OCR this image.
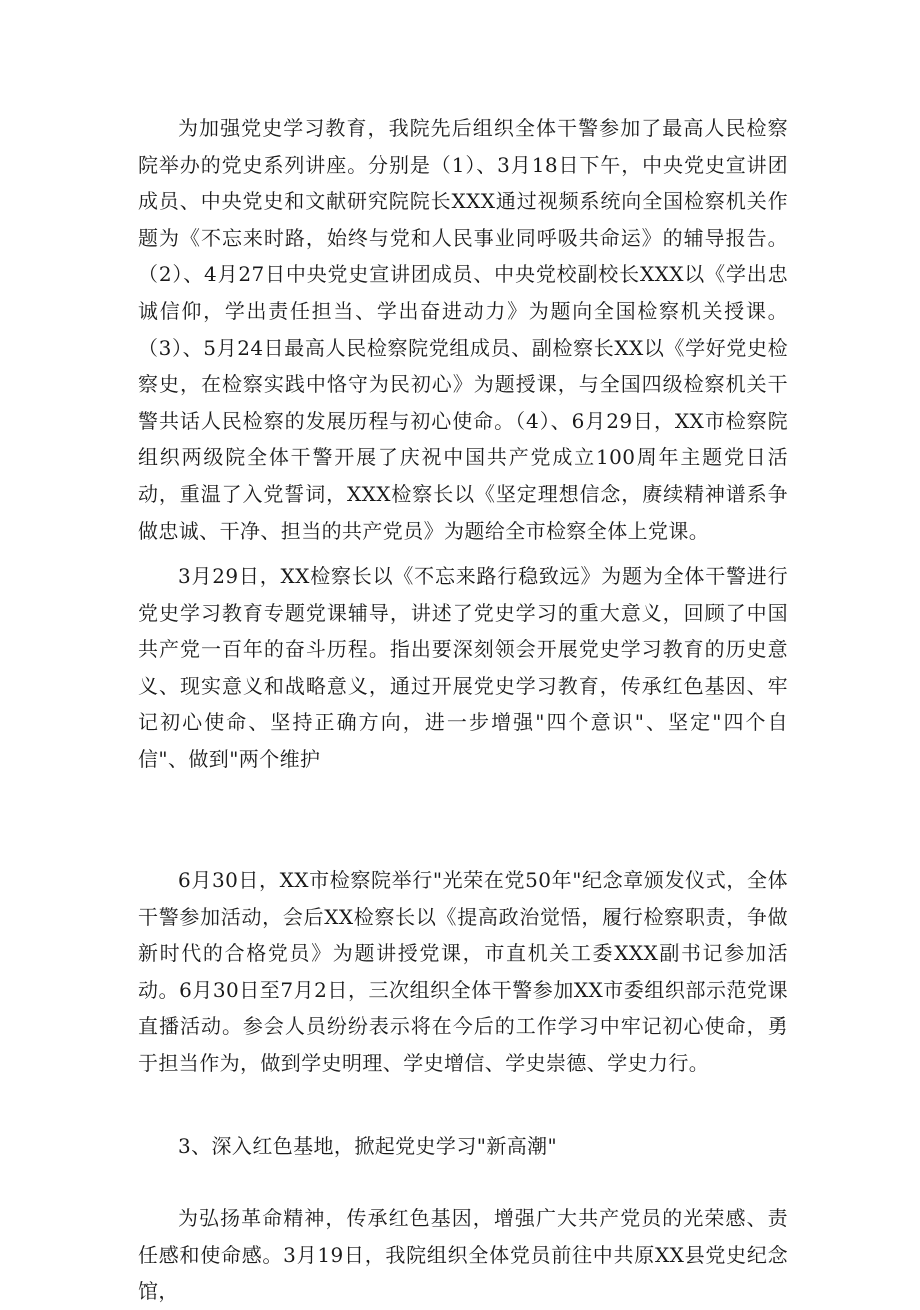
为加强党史学习教育，我院先后组织全体干警参加了最高人民检察院举办的党史系列讲座。分别是（1）、3月18日下午，中央党史宣讲团成员、中央党史和文献研究院院长XXX通过视频系统向全国检察机关作题为《不忘来时路，始终与党和人民事业同呼吸共命运》的辅导报告。（2）、4月27日中央党史宣讲团成员、中央党校副校长XXX以《学出忠诚信仰，学出责任担当、学出奋进动力》为题向全国检察机关授课。（3）、5月24日最高人民检察院党组成员、副检察长XX以《学好党史检察史，在检察实践中恪守为民初心》为题授课，与全国四级检察机关干警共话人民检察的发展历程与初心使命。（4）、6月29日，XX市检察院组织两级院全体干警开展了庆祝中国共产党成立100周年主题党日活动，重温了入党誓词，XXX检察长以《坚定理想信念，赓续精神谱系争做忠诚、干净、担当的共产党员》为题给全市检察全体上党课。

3月29日，XX检察长以《不忘来路行稳致远》为题为全体干警进行党史学习教育专题党课辅导，讲述了党史学习的重大意义，回顾了中国共产党一百年的奋斗历程。指出要深刻领会开展党史学习教育的历史意义、现实意义和战略意义，通过开展党史学习教育，传承红色基因、牢记初心使命、坚持正确方向，进一步增强"四个意识"、坚定"四个自信"、做到"两个维护

6月30日，XX市检察院举行"光荣在党50年"纪念章颁发仪式，全体干警参加活动，会后XX检察长以《提高政治觉悟，履行检察职责，争做新时代的合格党员》为题讲授党课，市直机关工委XXX副书记参加活动。6月30日至7月2日，三次组织全体干警参加XX市委组织部示范党课直播活动。参会人员纷纷表示将在今后的工作学习中牢记初心使命，勇于担当作为，做到学史明理、学史增信、学史崇德、学史力行。

3、深入红色基地，掀起党史学习"新高潮"

为弘扬革命精神，传承红色基因，增强广大共产党员的光荣感、责任感和使命感。3月19日，我院组织全体党员前往中共原XX县党史纪念馆，
